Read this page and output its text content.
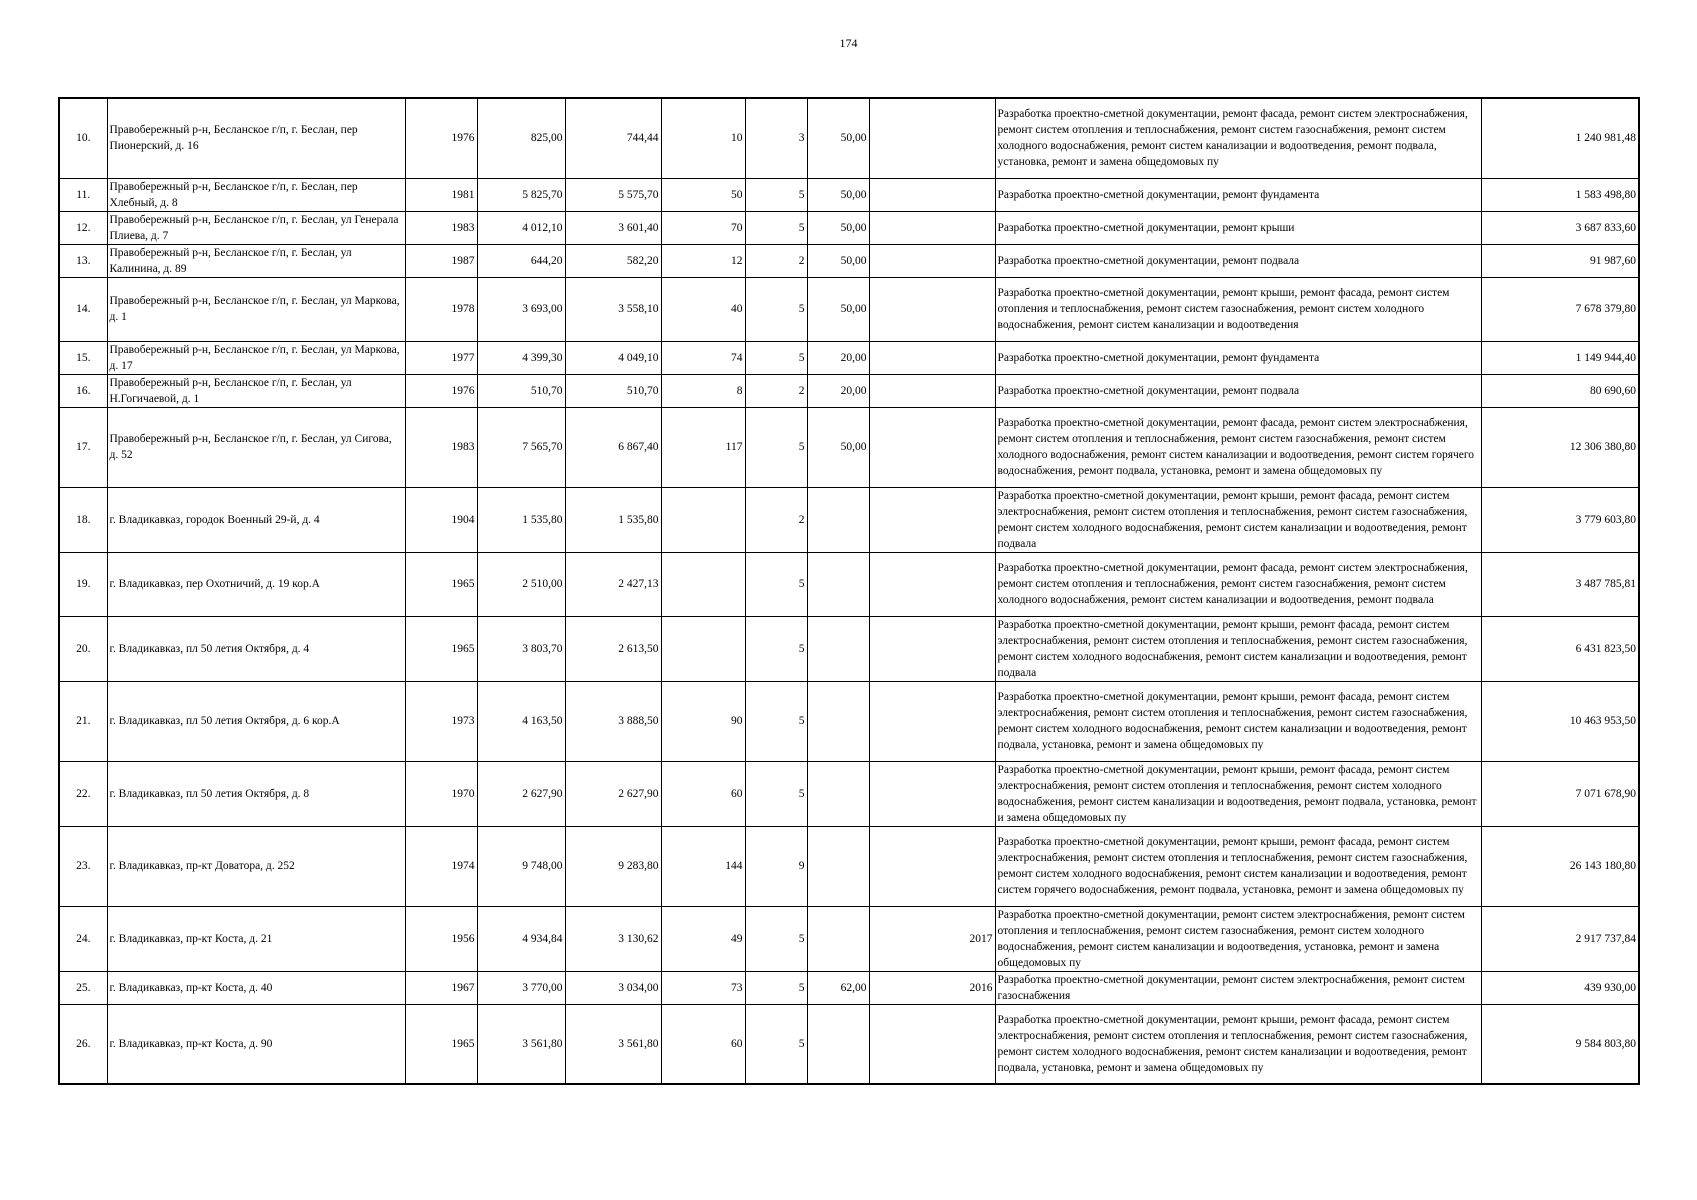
174
10.	Правобережный р-н, Бесланское г/п, г. Беслан, пер Пионерский, д. 16	1976	825,00	744,44	10	3	50,00		Разработка проектно-сметной документации, ремонт фасада, ремонт систем электроснабжения, ремонт систем отопления и теплоснабжения, ремонт систем газоснабжения, ремонт систем холодного водоснабжения, ремонт систем канализации и водоотведения, ремонт подвала, установка, ремонт и замена общедомовых пу	1 240 981,48
11.	Правобережный р-н, Бесланское г/п, г. Беслан, пер Хлебный, д. 8	1981	5 825,70	5 575,70	50	5	50,00		Разработка проектно-сметной документации, ремонт фундамента	1 583 498,80
12.	Правобережный р-н, Бесланское г/п, г. Беслан, ул Генерала Плиева, д. 7	1983	4 012,10	3 601,40	70	5	50,00		Разработка проектно-сметной документации, ремонт крыши	3 687 833,60
13.	Правобережный р-н, Бесланское г/п, г. Беслан, ул Калинина, д. 89	1987	644,20	582,20	12	2	50,00		Разработка проектно-сметной документации, ремонт подвала	91 987,60
14.	Правобережный р-н, Бесланское г/п, г. Беслан, ул Маркова, д. 1	1978	3 693,00	3 558,10	40	5	50,00		Разработка проектно-сметной документации, ремонт крыши, ремонт фасада, ремонт систем отопления и теплоснабжения, ремонт систем газоснабжения, ремонт систем холодного водоснабжения, ремонт систем канализации и водоотведения	7 678 379,80
15.	Правобережный р-н, Бесланское г/п, г. Беслан, ул Маркова, д. 17	1977	4 399,30	4 049,10	74	5	20,00		Разработка проектно-сметной документации, ремонт фундамента	1 149 944,40
16.	Правобережный р-н, Бесланское г/п, г. Беслан, ул Н.Гогичаевой, д. 1	1976	510,70	510,70	8	2	20,00		Разработка проектно-сметной документации, ремонт подвала	80 690,60
17.	Правобережный р-н, Бесланское г/п, г. Беслан, ул Сигова, д. 52	1983	7 565,70	6 867,40	117	5	50,00		Разработка проектно-сметной документации, ремонт фасада, ремонт систем электроснабжения, ремонт систем отопления и теплоснабжения, ремонт систем газоснабжения, ремонт систем холодного водоснабжения, ремонт систем канализации и водоотведения, ремонт систем горячего водоснабжения, ремонт подвала, установка, ремонт и замена общедомовых пу	12 306 380,80
18.	г. Владикавказ, городок Военный 29-й, д. 4	1904	1 535,80	1 535,80		2			Разработка проектно-сметной документации, ремонт крыши, ремонт фасада, ремонт систем электроснабжения, ремонт систем отопления и теплоснабжения, ремонт систем газоснабжения, ремонт систем холодного водоснабжения, ремонт систем канализации и водоотведения, ремонт подвала	3 779 603,80
19.	г. Владикавказ, пер Охотничий, д. 19 кор.А	1965	2 510,00	2 427,13		5			Разработка проектно-сметной документации, ремонт фасада, ремонт систем электроснабжения, ремонт систем отопления и теплоснабжения, ремонт систем газоснабжения, ремонт систем холодного водоснабжения, ремонт систем канализации и водоотведения, ремонт подвала	3 487 785,81
20.	г. Владикавказ, пл 50 летия Октября, д. 4	1965	3 803,70	2 613,50		5			Разработка проектно-сметной документации, ремонт крыши, ремонт фасада, ремонт систем электроснабжения, ремонт систем отопления и теплоснабжения, ремонт систем газоснабжения, ремонт систем холодного водоснабжения, ремонт систем канализации и водоотведения, ремонт подвала	6 431 823,50
21.	г. Владикавказ, пл 50 летия Октября, д. 6 кор.А	1973	4 163,50	3 888,50	90	5			Разработка проектно-сметной документации, ремонт крыши, ремонт фасада, ремонт систем электроснабжения, ремонт систем отопления и теплоснабжения, ремонт систем газоснабжения, ремонт систем холодного водоснабжения, ремонт систем канализации и водоотведения, ремонт подвала, установка, ремонт и замена общедомовых пу	10 463 953,50
22.	г. Владикавказ, пл 50 летия Октября, д. 8	1970	2 627,90	2 627,90	60	5			Разработка проектно-сметной документации, ремонт крыши, ремонт фасада, ремонт систем электроснабжения, ремонт систем отопления и теплоснабжения, ремонт систем холодного водоснабжения, ремонт систем канализации и водоотведения, ремонт подвала, установка, ремонт и замена общедомовых пу	7 071 678,90
23.	г. Владикавказ, пр-кт Доватора, д. 252	1974	9 748,00	9 283,80	144	9			Разработка проектно-сметной документации, ремонт крыши, ремонт фасада, ремонт систем электроснабжения, ремонт систем отопления и теплоснабжения, ремонт систем газоснабжения, ремонт систем холодного водоснабжения, ремонт систем канализации и водоотведения, ремонт систем горячего водоснабжения, ремонт подвала, установка, ремонт и замена общедомовых пу	26 143 180,80
24.	г. Владикавказ, пр-кт Коста, д. 21	1956	4 934,84	3 130,62	49	5		2017	Разработка проектно-сметной документации, ремонт систем электроснабжения, ремонт систем отопления и теплоснабжения, ремонт систем газоснабжения, ремонт систем холодного водоснабжения, ремонт систем канализации и водоотведения, установка, ремонт и замена общедомовых пу	2 917 737,84
25.	г. Владикавказ, пр-кт Коста, д. 40	1967	3 770,00	3 034,00	73	5	62,00	2016	Разработка проектно-сметной документации, ремонт систем электроснабжения, ремонт систем газоснабжения	439 930,00
26.	г. Владикавказ, пр-кт Коста, д. 90	1965	3 561,80	3 561,80	60	5			Разработка проектно-сметной документации, ремонт крыши, ремонт фасада, ремонт систем электроснабжения, ремонт систем отопления и теплоснабжения, ремонт систем газоснабжения, ремонт систем холодного водоснабжения, ремонт систем канализации и водоотведения, ремонт подвала, установка, ремонт и замена общедомовых пу	9 584 803,80
